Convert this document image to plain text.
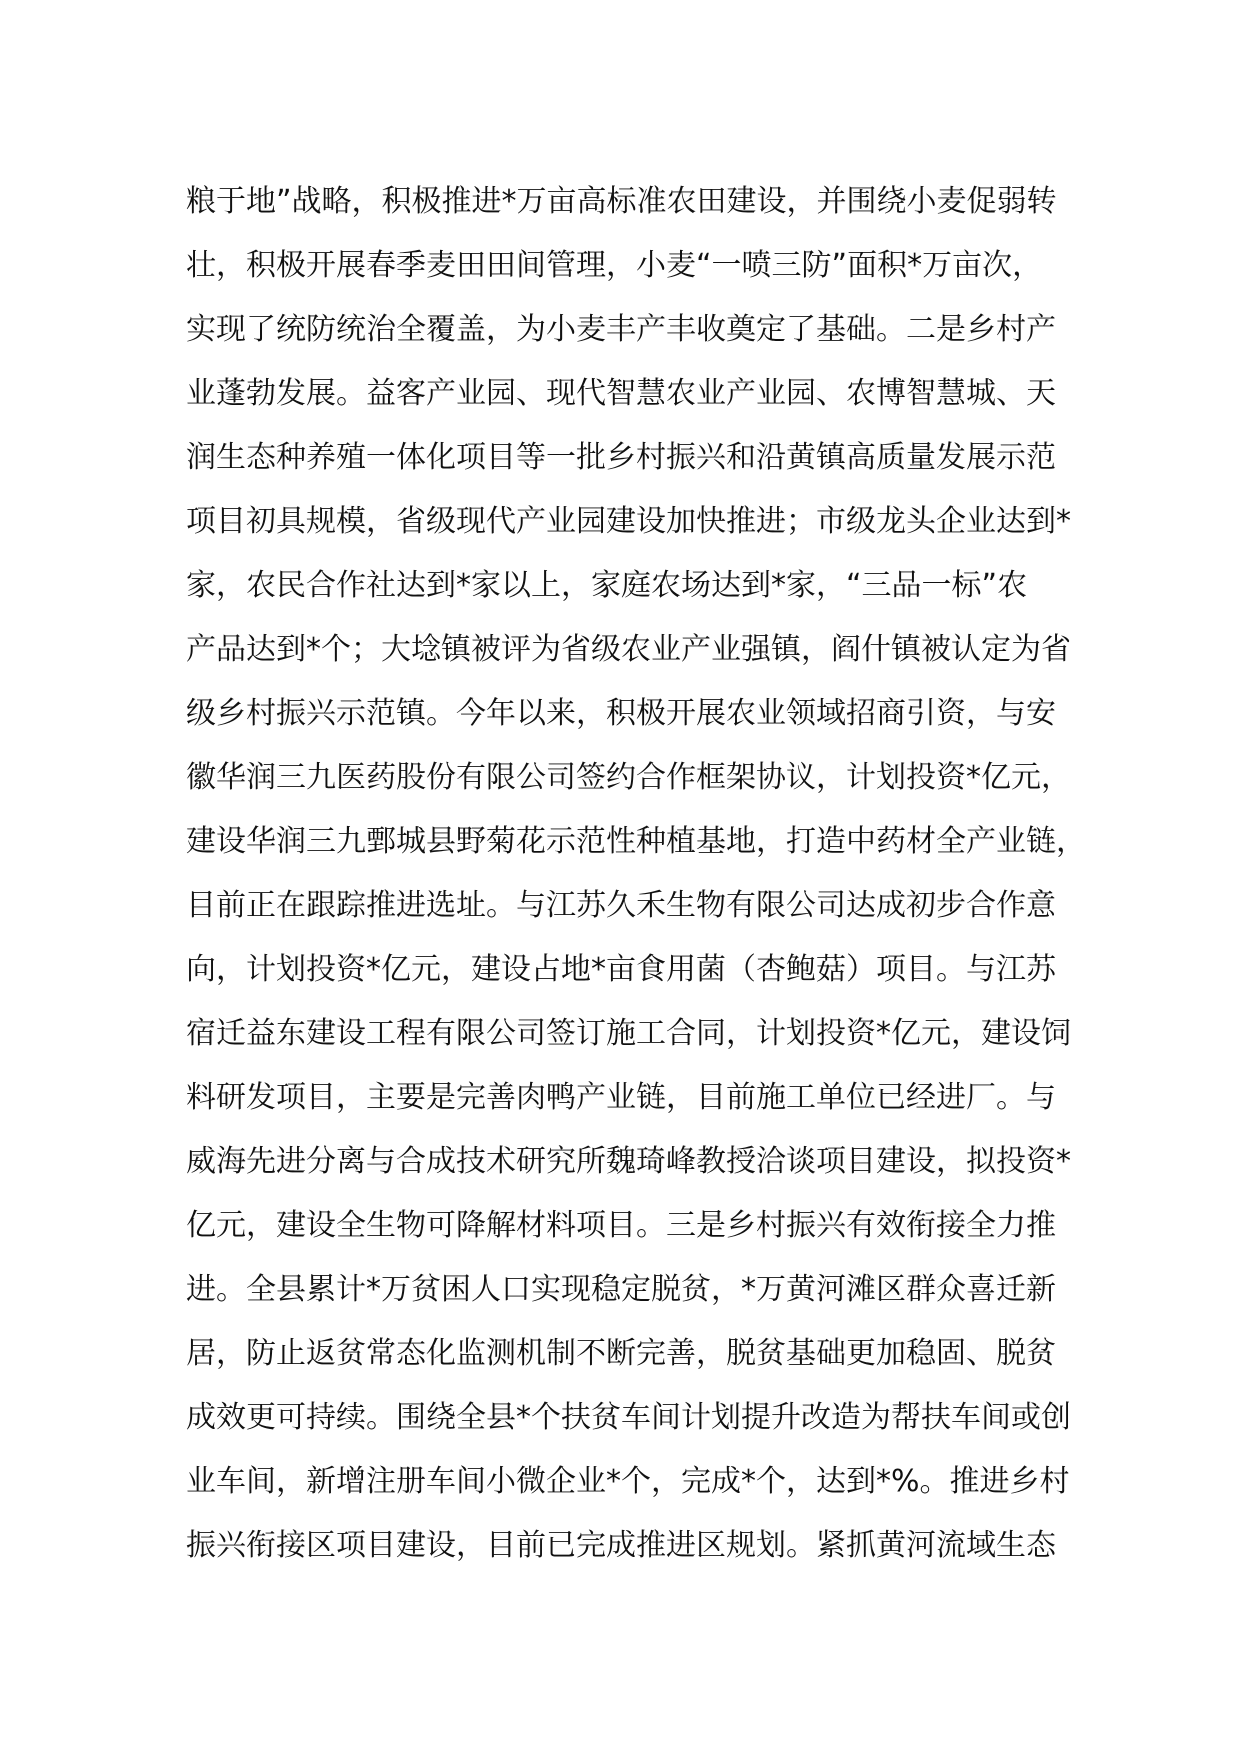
粮于地”战略，积极推进*万亩高标准农田建设，并围绕小麦促弱转
壮，积极开展春季麦田田间管理，小麦“一喷三防”面积*万亩次，
实现了统防统治全覆盖，为小麦丰产丰收奠定了基础。二是乡村产
业蓬勃发展。益客产业园、现代智慧农业产业园、农博智慧城、天
润生态种养殖一体化项目等一批乡村振兴和沿黄镇高质量发展示范
项目初具规模，省级现代产业园建设加快推进；市级龙头企业达到*
家，农民合作社达到*家以上，家庭农场达到*家，“三品一标”农
产品达到*个；大埝镇被评为省级农业产业强镇，阎什镇被认定为省
级乡村振兴示范镇。今年以来，积极开展农业领域招商引资，与安
徽华润三九医药股份有限公司签约合作框架协议，计划投资*亿元，
建设华润三九鄄城县野菊花示范性种植基地，打造中药材全产业链，
目前正在跟踪推进选址。与江苏久禾生物有限公司达成初步合作意
向，计划投资*亿元，建设占地*亩食用菌（杏鲍菇）项目。与江苏
宿迁益东建设工程有限公司签订施工合同，计划投资*亿元，建设饲
料研发项目，主要是完善肉鸭产业链，目前施工单位已经进厂。与
威海先进分离与合成技术研究所魏琦峰教授洽谈项目建设，拟投资*
亿元，建设全生物可降解材料项目。三是乡村振兴有效衔接全力推
进。全县累计*万贫困人口实现稳定脱贫，*万黄河滩区群众喜迁新
居，防止返贫常态化监测机制不断完善，脱贫基础更加稳固、脱贫
成效更可持续。围绕全县*个扶贫车间计划提升改造为帮扶车间或创
业车间，新增注册车间小微企业*个，完成*个，达到*%。推进乡村
振兴衔接区项目建设，目前已完成推进区规划。紧抓黄河流域生态
